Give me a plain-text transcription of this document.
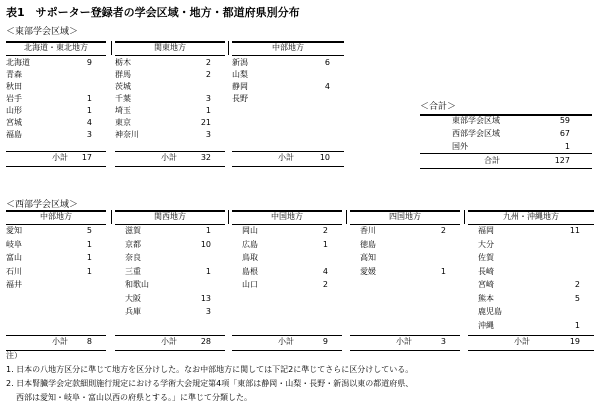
表1　サポーター登録者の学会区域・地方・都道府県別分布
＜東部学会区域＞
北海道・東北地方
北海道	9
青森
秋田
岩手	1
山形	1
宮城	4
福島	3
小計	17
関東地方
栃木	2
群馬	2
茨城
千葉	3
埼玉	1
東京	21
神奈川	3
小計	32
中部地方
新潟	6
山梨
静岡	4
長野
小計	10
＜合計＞
東部学会区域	59
西部学会区域	67
国外	1
合計	127
＜西部学会区域＞
中部地方
愛知	5
岐阜	1
富山	1
石川	1
福井
小計	8
関西地方
滋賀	1
京都	10
奈良
三重	1
和歌山
大阪	13
兵庫	3
小計	28
中国地方
岡山	2
広島	1
鳥取
島根	4
山口	2
小計	9
四国地方
香川	2
徳島
高知
愛媛	1
小計	3
九州・沖縄地方
福岡	11
大分
佐賀
長崎
宮崎	2
熊本	5
鹿児島
沖縄	1
小計	19
注）
1. 日本の八地方区分に準じて地方を区分けした。なお中部地方に関しては下記2に準じてさらに区分けしている。
2. 日本腎臓学会定款細則施行規定における学術大会規定第4項「東部は静岡・山梨・長野・新潟以東の都道府県、
西部は愛知・岐阜・富山以西の府県とする。」に準じて分類した。
